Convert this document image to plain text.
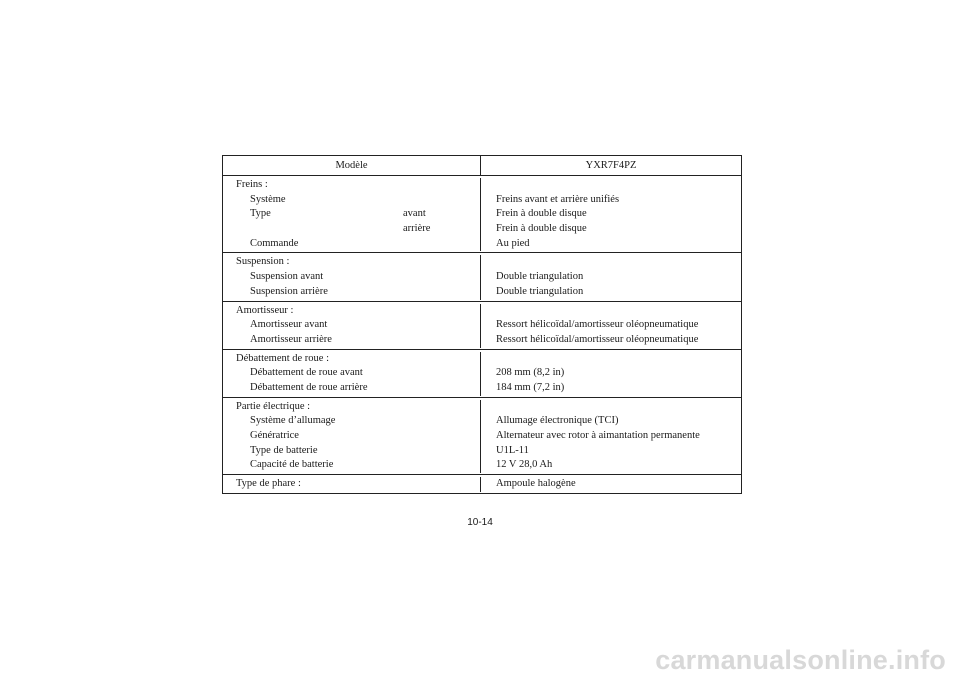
Modèle	YXR7F4PZ
Freins :
Système	Freins avant et arrière unifiés
Type	avant	Frein à double disque
arrière	Frein à double disque
Commande	Au pied
Suspension :
Suspension avant	Double triangulation
Suspension arrière	Double triangulation
Amortisseur :
Amortisseur avant	Ressort hélicoïdal/amortisseur oléopneumatique
Amortisseur arrière	Ressort hélicoïdal/amortisseur oléopneumatique
Débattement de roue :
Débattement de roue avant	208 mm (8,2 in)
Débattement de roue arrière	184 mm (7,2 in)
Partie électrique :
Système d’allumage	Allumage électronique (TCI)
Génératrice	Alternateur avec rotor à aimantation permanente
Type de batterie	U1L-11
Capacité de batterie	12 V 28,0 Ah
Type de phare :	Ampoule halogène
10-14
carmanualsonline.info
